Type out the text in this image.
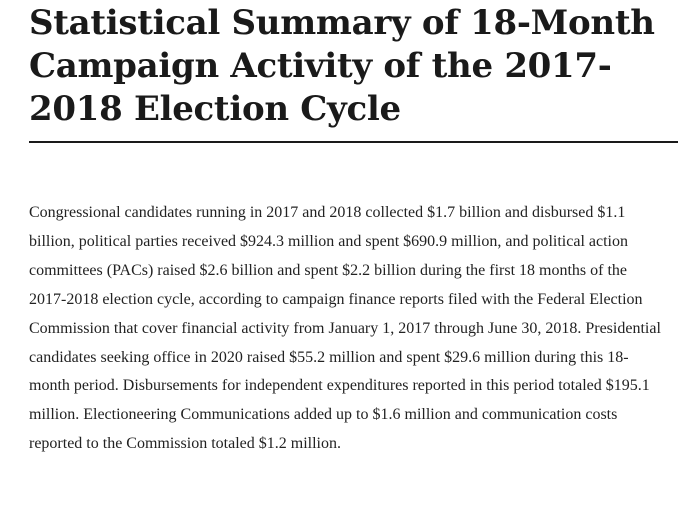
Statistical Summary of 18-Month Campaign Activity of the 2017-2018 Election Cycle

Congressional candidates running in 2017 and 2018 collected $1.7 billion and disbursed $1.1 billion, political parties received $924.3 million and spent $690.9 million, and political action committees (PACs) raised $2.6 billion and spent $2.2 billion during the first 18 months of the 2017-2018 election cycle, according to campaign finance reports filed with the Federal Election Commission that cover financial activity from January 1, 2017 through June 30, 2018. Presidential candidates seeking office in 2020 raised $55.2 million and spent $29.6 million during this 18-month period. Disbursements for independent expenditures reported in this period totaled $195.1 million. Electioneering Communications added up to $1.6 million and communication costs reported to the Commission totaled $1.2 million.
